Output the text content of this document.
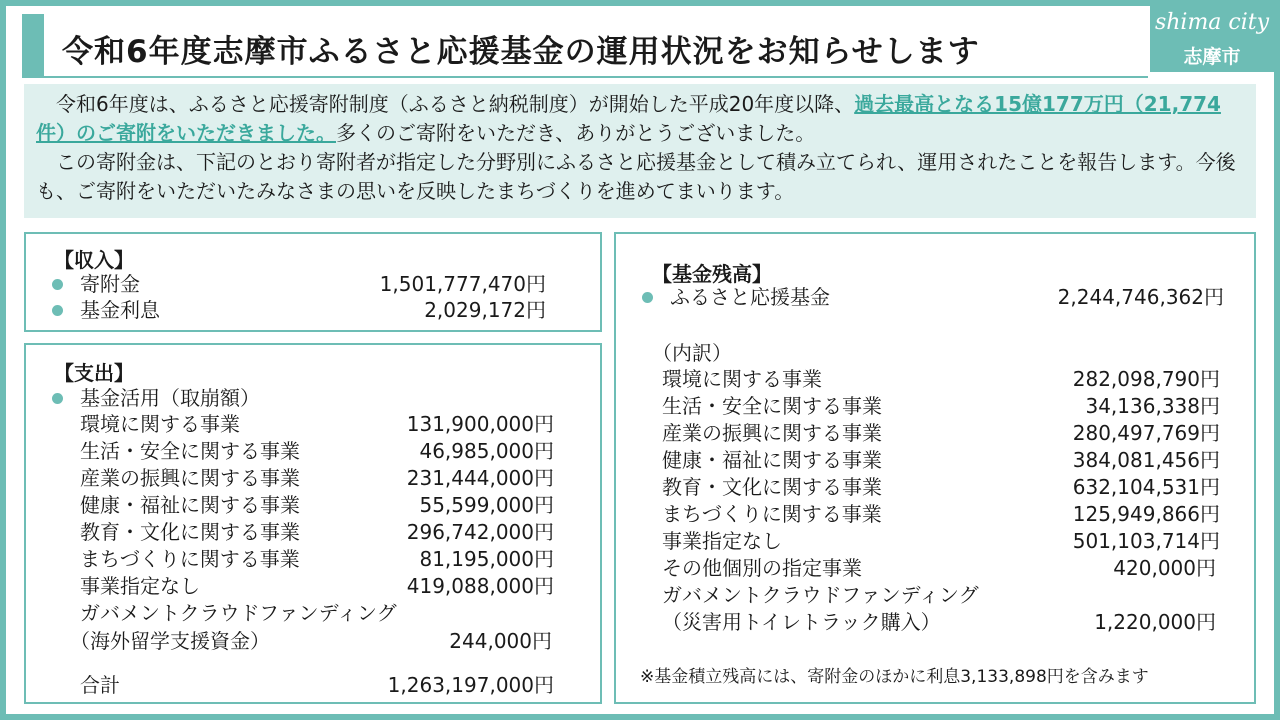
令和6年度志摩市ふるさと応援基金の運用状況をお知らせします
shima city
志摩市

　令和6年度は、ふるさと応援寄附制度（ふるさと納税制度）が開始した平成20年度以降、過去最高となる15億177万円（21,774件）のご寄附をいただきました。多くのご寄附をいただき、ありがとうございました。

　この寄附金は、下記のとおり寄附者が指定した分野別にふるさと応援基金として積み立てられ、運用されたことを報告します。今後も、ご寄附をいただいたみなさまの思いを反映したまちづくりを進めてまいります。

【収入】
寄附金	1,501,777,470円
基金利息	2,029,172円
【支出】
基金活用（取崩額）
環境に関する事業	131,900,000円
生活・安全に関する事業	46,985,000円
産業の振興に関する事業	231,444,000円
健康・福祉に関する事業	55,599,000円
教育・文化に関する事業	296,742,000円
まちづくりに関する事業	81,195,000円
事業指定なし	419,088,000円
ガバメントクラウドファンディング
（海外留学支援資金）	244,000円
合計	1,263,197,000円
【基金残高】
ふるさと応援基金	2,244,746,362円
（内訳）
環境に関する事業	282,098,790円
生活・安全に関する事業	34,136,338円
産業の振興に関する事業	280,497,769円
健康・福祉に関する事業	384,081,456円
教育・文化に関する事業	632,104,531円
まちづくりに関する事業	125,949,866円
事業指定なし	501,103,714円
その他個別の指定事業	420,000円
ガバメントクラウドファンディング
（災害用トイレトラック購入）	1,220,000円
※基金積立残高には、寄附金のほかに利息3,133,898円を含みます
